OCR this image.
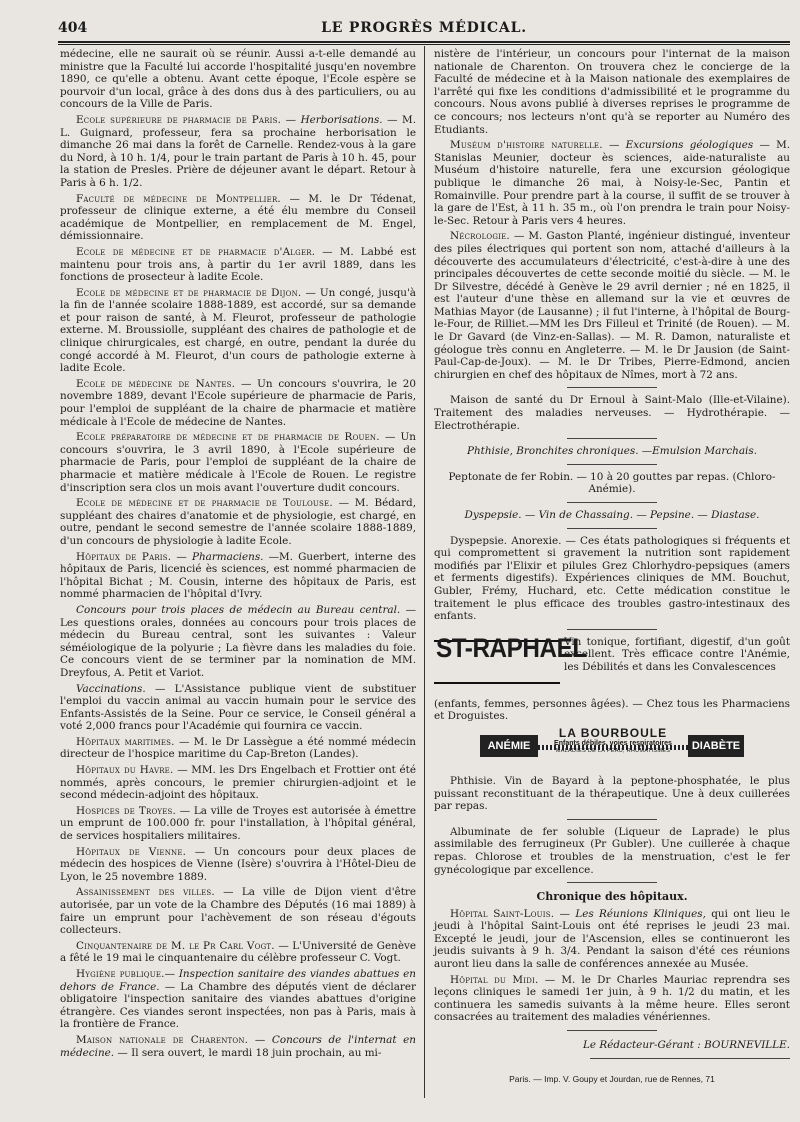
404	LE PROGRÈS MÉDICAL.

médecine, elle ne saurait où se réunir. Aussi a-t-elle demandé au ministre que la Faculté lui accorde l'hospitalité jusqu'en novembre 1890, ce qu'elle a obtenu. Avant cette époque, l'Ecole espère se pourvoir d'un local, grâce à des dons dus à des particuliers, ou au concours de la Ville de Paris.

Ecole supérieure de pharmacie de Paris. — Herborisations. — M. L. Guignard, professeur, fera sa prochaine herborisation le dimanche 26 mai dans la forêt de Carnelle. Rendez-vous à la gare du Nord, à 10 h. 1/4, pour le train partant de Paris à 10 h. 45, pour la station de Presles. Prière de déjeuner avant le départ. Retour à Paris à 6 h. 1/2.

Faculté de médecine de Montpellier. — M. le Dr Tédenat, professeur de clinique externe, a été élu membre du Conseil académique de Montpellier, en remplacement de M. Engel, démissionnaire.

Ecole de médecine et de pharmacie d'Alger. — M. Labbé est maintenu pour trois ans, à partir du 1er avril 1889, dans les fonctions de prosecteur à ladite Ecole.

Ecole de médecine et de pharmacie de Dijon. — Un congé, jusqu'à la fin de l'année scolaire 1888-1889, est accordé, sur sa demande et pour raison de santé, à M. Fleurot, professeur de pathologie externe. M. Broussiolle, suppléant des chaires de pathologie et de clinique chirurgicales, est chargé, en outre, pendant la durée du congé accordé à M. Fleurot, d'un cours de pathologie externe à ladite Ecole.

Ecole de médecine de Nantes. — Un concours s'ouvrira, le 20 novembre 1889, devant l'Ecole supérieure de pharmacie de Paris, pour l'emploi de suppléant de la chaire de pharmacie et matière médicale à l'Ecole de médecine de Nantes.

Ecole préparatoire de médecine et de pharmacie de Rouen. — Un concours s'ouvrira, le 3 avril 1890, à l'Ecole supérieure de pharmacie de Paris, pour l'emploi de suppléant de la chaire de pharmacie et matière médicale à l'Ecole de Rouen. Le registre d'inscription sera clos un mois avant l'ouverture dudit concours.

Ecole de médecine et de pharmacie de Toulouse. — M. Bédard, suppléant des chaires d'anatomie et de physiologie, est chargé, en outre, pendant le second semestre de l'année scolaire 1888-1889, d'un concours de physiologie à ladite Ecole.

Hôpitaux de Paris. — Pharmaciens. —M. Guerbert, interne des hôpitaux de Paris, licencié ès sciences, est nommé pharmacien de l'hôpital Bichat ; M. Cousin, interne des hôpitaux de Paris, est nommé pharmacien de l'hôpital d'Ivry.

Concours pour trois places de médecin au Bureau central. — Les questions orales, données au concours pour trois places de médecin du Bureau central, sont les suivantes : Valeur séméiologique de la polyurie ; La fièvre dans les maladies du foie. Ce concours vient de se terminer par la nomination de MM. Dreyfous, A. Petit et Variot.

Vaccinations. — L'Assistance publique vient de substituer l'emploi du vaccin animal au vaccin humain pour le service des Enfants-Assistés de la Seine. Pour ce service, le Conseil général a voté 2,000 francs pour l'Académie qui fournira ce vaccin.

Hôpitaux maritimes. — M. le Dr Lassègue a été nommé médecin directeur de l'hospice maritime du Cap-Breton (Landes).

Hôpitaux du Havre. — MM. les Drs Engelbach et Frottier ont été nommés, après concours, le premier chirurgien-adjoint et le second médecin-adjoint des hôpitaux.

Hospices de Troyes. — La ville de Troyes est autorisée à émettre un emprunt de 100.000 fr. pour l'installation, à l'hôpital général, de services hospitaliers militaires.

Hôpitaux de Vienne. — Un concours pour deux places de médecin des hospices de Vienne (Isère) s'ouvrira à l'Hôtel-Dieu de Lyon, le 25 novembre 1889.

Assainissement des villes. — La ville de Dijon vient d'être autorisée, par un vote de la Chambre des Députés (16 mai 1889) à faire un emprunt pour l'achèvement de son réseau d'égouts collecteurs.

Cinquantenaire de M. le Pr Carl Vogt. — L'Université de Genève a fêté le 19 mai le cinquantenaire du célèbre professeur C. Vogt.

Hygiène publique.— Inspection sanitaire des viandes abattues en dehors de France. — La Chambre des députés vient de déclarer obligatoire l'inspection sanitaire des viandes abattues d'origine étrangère. Ces viandes seront inspectées, non pas à Paris, mais à la frontière de France.

Maison nationale de Charenton. — Concours de l'internat en médecine. — Il sera ouvert, le mardi 18 juin prochain, au mi-

nistère de l'intérieur, un concours pour l'internat de la maison nationale de Charenton. On trouvera chez le concierge de la Faculté de médecine et à la Maison nationale des exemplaires de l'arrêté qui fixe les conditions d'admissibilité et le programme du concours. Nous avons publié à diverses reprises le programme de ce concours; nos lecteurs n'ont qu'à se reporter au Numéro des Etudiants.

Muséum d'histoire naturelle. — Excursions géologiques — M. Stanislas Meunier, docteur ès sciences, aide-naturaliste au Muséum d'histoire naturelle, fera une excursion géologique publique le dimanche 26 mai, à Noisy-le-Sec, Pantin et Romainville. Pour prendre part à la course, il suffit de se trouver à la gare de l'Est, à 11 h. 35 m., où l'on prendra le train pour Noisy-le-Sec. Retour à Paris vers 4 heures.

Nécrologie. — M. Gaston Planté, ingénieur distingué, inventeur des piles électriques qui portent son nom, attaché d'ailleurs à la découverte des accumulateurs d'électricité, c'est-à-dire à une des principales découvertes de cette seconde moitié du siècle. — M. le Dr Silvestre, décédé à Genève le 29 avril dernier ; né en 1825, il est l'auteur d'une thèse en allemand sur la vie et œuvres de Mathias Mayor (de Lausanne) ; il fut l'interne, à l'hôpital de Bourg-le-Four, de Rilliet.—MM les Drs Filleul et Trinité (de Rouen). — M. le Dr Gavard (de Vinz-en-Sallas). — M. R. Damon, naturaliste et géologue très connu en Angleterre. — M. le Dr Jausion (de Saint-Paul-Cap-de-Joux). — M. le Dr Tribes, Pierre-Edmond, ancien chirurgien en chef des hôpitaux de Nîmes, mort à 72 ans.

Maison de santé du Dr Ernoul à Saint-Malo (Ille-et-Vilaine). Traitement des maladies nerveuses. — Hydrothérapie. — Electrothérapie.

Phthisie, Bronchites chroniques. —Emulsion Marchais.

Peptonate de fer Robin. — 10 à 20 gouttes par repas. (Chloro-Anémie).

Dyspepsie. — Vin de Chassaing. — Pepsine. — Diastase.

Dyspepsie. Anorexie. — Ces états pathologiques si fréquents et qui compromettent si gravement la nutrition sont rapidement modifiés par l'Elixir et pilules Grez Chlorhydro-pepsiques (amers et ferments digestifs). Expériences cliniques de MM. Bouchut, Gubler, Frémy, Huchard, etc. Cette médication constitue le traitement le plus efficace des troubles gastro-intestinaux des enfants.

ST-RAPHAEL
Vin tonique, fortifiant, digestif, d'un goût excellent. Très efficace contre l'Anémie, les Débilités et dans les Convalescences

(enfants, femmes, personnes âgées). — Chez tous les Pharmaciens et Droguistes.

ANÉMIE
LA BOURBOULE
Enfants débiles, voies respiratoires
MALADIES DE LA PEAU, RHUMATISMES	DIABÈTE

Phthisie. Vin de Bayard à la peptone-phosphatée, le plus puissant reconstituant de la thérapeutique. Une à deux cuillerées par repas.

Albuminate de fer soluble (Liqueur de Laprade) le plus assimilable des ferrugineux (Pr Gubler). Une cuillerée à chaque repas. Chlorose et troubles de la menstruation, c'est le fer gynécologique par excellence.

Chronique des hôpitaux.

Hôpital Saint-Louis. — Les Réunions Kliniques, qui ont lieu le jeudi à l'hôpital Saint-Louis ont été reprises le jeudi 23 mai. Excepté le jeudi, jour de l'Ascension, elles se continueront les jeudis suivants à 9 h. 3/4. Pendant la saison d'été ces réunions auront lieu dans la salle de conférences annexée au Musée.

Hôpital du Midi. — M. le Dr Charles Mauriac reprendra ses leçons cliniques le samedi 1er juin, à 9 h. 1/2 du matin, et les continuera les samedis suivants à la même heure. Elles seront consacrées au traitement des maladies vénériennes.

Le Rédacteur-Gérant : BOURNEVILLE.

Paris. — Imp. V. Goupy et Jourdan, rue de Rennes, 71
